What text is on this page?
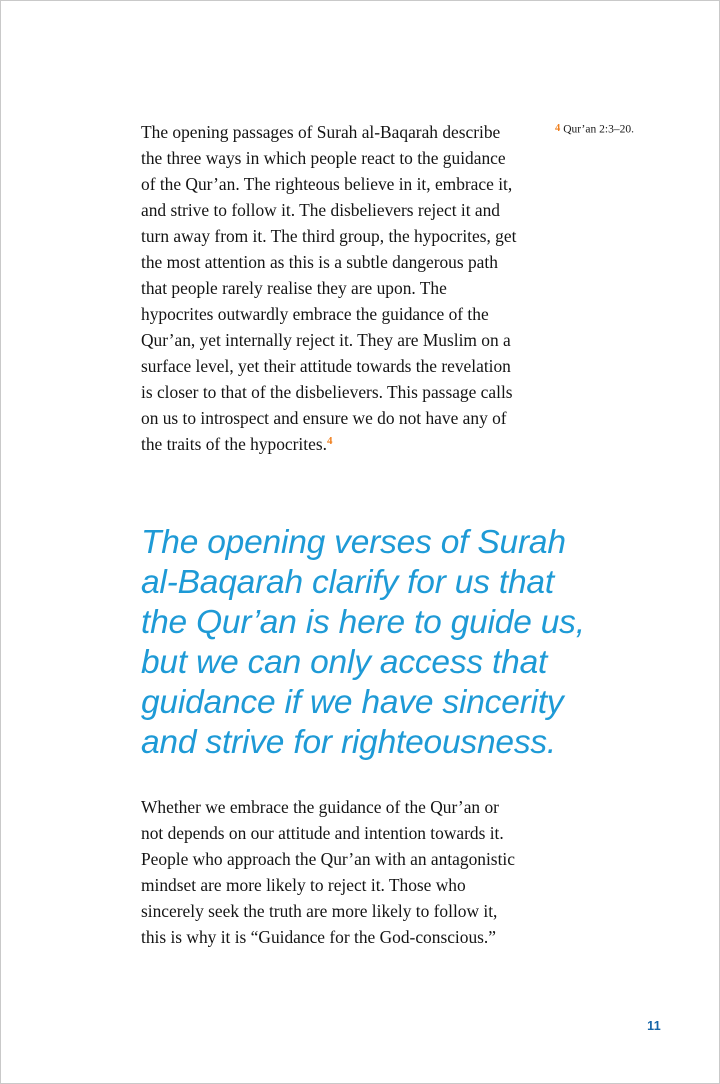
4 Qur’an 2:3–20.

The opening passages of Surah al-Baqarah describe the three ways in which people react to the guidance of the Qur’an. The righteous believe in it, embrace it, and strive to follow it. The disbelievers reject it and turn away from it. The third group, the hypocrites, get the most attention as this is a subtle dangerous path that people rarely realise they are upon. The hypocrites outwardly embrace the guidance of the Qur’an, yet internally reject it. They are Muslim on a surface level, yet their attitude towards the revelation is closer to that of the disbelievers. This passage calls on us to introspect and ensure we do not have any of the traits of the hypocrites.$^4$

The opening verses of Surah al-Baqarah clarify for us that the Qur’an is here to guide us, but we can only access that guidance if we have sincerity and strive for righteousness.

Whether we embrace the guidance of the Qur’an or not depends on our attitude and intention towards it. People who approach the Qur’an with an antagonistic mindset are more likely to reject it. Those who sincerely seek the truth are more likely to follow it, this is why it is “Guidance for the God-conscious.”

11
